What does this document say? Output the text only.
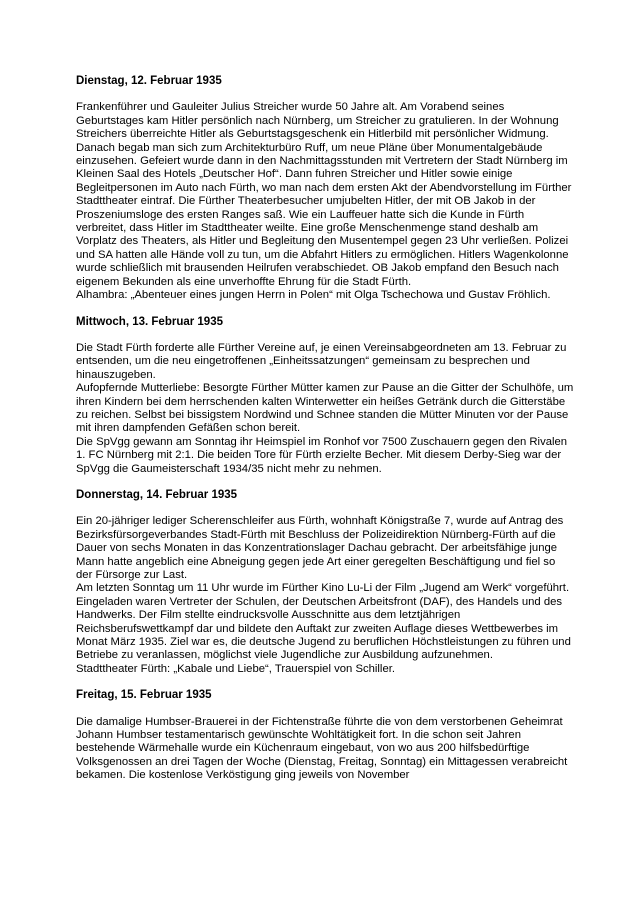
Dienstag, 12. Februar 1935

Frankenführer und Gauleiter Julius Streicher wurde 50 Jahre alt. Am Vorabend seines Geburtstages kam Hitler persönlich nach Nürnberg, um Streicher zu gratulieren. In der Wohnung Streichers überreichte Hitler als Geburtstagsgeschenk ein Hitlerbild mit persönlicher Widmung. Danach begab man sich zum Architekturbüro Ruff, um neue Pläne über Monumentalgebäude einzusehen. Gefeiert wurde dann in den Nachmittagsstunden mit Vertretern der Stadt Nürnberg im Kleinen Saal des Hotels „Deutscher Hof“. Dann fuhren Streicher und Hitler sowie einige Begleitpersonen im Auto nach Fürth, wo man nach dem ersten Akt der Abendvorstellung im Fürther Stadttheater eintraf. Die Fürther Theaterbesucher umjubelten Hitler, der mit OB Jakob in der Proszeniumsloge des ersten Ranges saß. Wie ein Lauffeuer hatte sich die Kunde in Fürth verbreitet, dass Hitler im Stadttheater weilte. Eine große Menschenmenge stand deshalb am Vorplatz des Theaters, als Hitler und Begleitung den Musentempel gegen 23 Uhr verließen. Polizei und SA hatten alle Hände voll zu tun, um die Abfahrt Hitlers zu ermöglichen. Hitlers Wagenkolonne wurde schließlich mit brausenden Heilrufen verabschiedet. OB Jakob empfand den Besuch nach eigenem Bekunden als eine unverhoffte Ehrung für die Stadt Fürth.

Alhambra: „Abenteuer eines jungen Herrn in Polen“ mit Olga Tschechowa und Gustav Fröhlich.

Mittwoch, 13. Februar 1935

Die Stadt Fürth forderte alle Fürther Vereine auf, je einen Vereinsabgeordneten am 13. Februar zu entsenden, um die neu eingetroffenen „Einheitssatzungen“ gemeinsam zu besprechen und hinauszugeben.

Aufopfernde Mutterliebe: Besorgte Fürther Mütter kamen zur Pause an die Gitter der Schulhöfe, um ihren Kindern bei dem herrschenden kalten Winterwetter ein heißes Getränk durch die Gitterstäbe zu reichen. Selbst bei bissigstem Nordwind und Schnee standen die Mütter Minuten vor der Pause mit ihren dampfenden Gefäßen schon bereit.

Die SpVgg gewann am Sonntag ihr Heimspiel im Ronhof vor 7500 Zuschauern gegen den Rivalen 1. FC Nürnberg mit 2:1. Die beiden Tore für Fürth erzielte Becher. Mit diesem Derby-Sieg war der SpVgg die Gaumeisterschaft 1934/35 nicht mehr zu nehmen.

Donnerstag, 14. Februar 1935

Ein 20-jähriger lediger Scherenschleifer aus Fürth, wohnhaft Königstraße 7, wurde auf Antrag des Bezirksfürsorgeverbandes Stadt-Fürth mit Beschluss der Polizeidirektion Nürnberg-Fürth auf die Dauer von sechs Monaten in das Konzentrationslager Dachau gebracht. Der arbeitsfähige junge Mann hatte angeblich eine Abneigung gegen jede Art einer geregelten Beschäftigung und fiel so der Fürsorge zur Last.

Am letzten Sonntag um 11 Uhr wurde im Fürther Kino Lu-Li der Film „Jugend am Werk“ vorgeführt. Eingeladen waren Vertreter der Schulen, der Deutschen Arbeitsfront (DAF), des Handels und des Handwerks. Der Film stellte eindrucksvolle Ausschnitte aus dem letztjährigen Reichsberufswettkampf dar und bildete den Auftakt zur zweiten Auflage dieses Wettbewerbes im Monat März 1935. Ziel war es, die deutsche Jugend zu beruflichen Höchstleistungen zu führen und Betriebe zu veranlassen, möglichst viele Jugendliche zur Ausbildung aufzunehmen.

Stadttheater Fürth: „Kabale und Liebe“, Trauerspiel von Schiller.

Freitag, 15. Februar 1935

Die damalige Humbser-Brauerei in der Fichtenstraße führte die von dem verstorbenen Geheimrat Johann Humbser testamentarisch gewünschte Wohltätigkeit fort. In die schon seit Jahren bestehende Wärmehalle wurde ein Küchenraum eingebaut, von wo aus 200 hilfsbedürftige Volksgenossen an drei Tagen der Woche (Dienstag, Freitag, Sonntag) ein Mittagessen verabreicht bekamen. Die kostenlose Verköstigung ging jeweils von November
